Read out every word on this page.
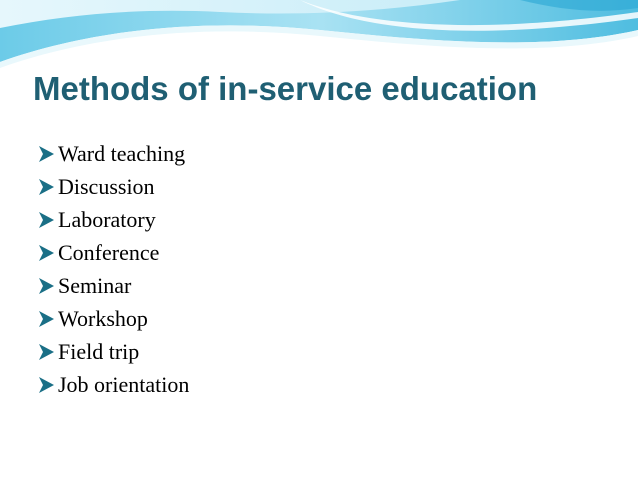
Methods of in-service education
Ward teaching
Discussion
Laboratory
Conference
Seminar
Workshop
Field trip
Job orientation
